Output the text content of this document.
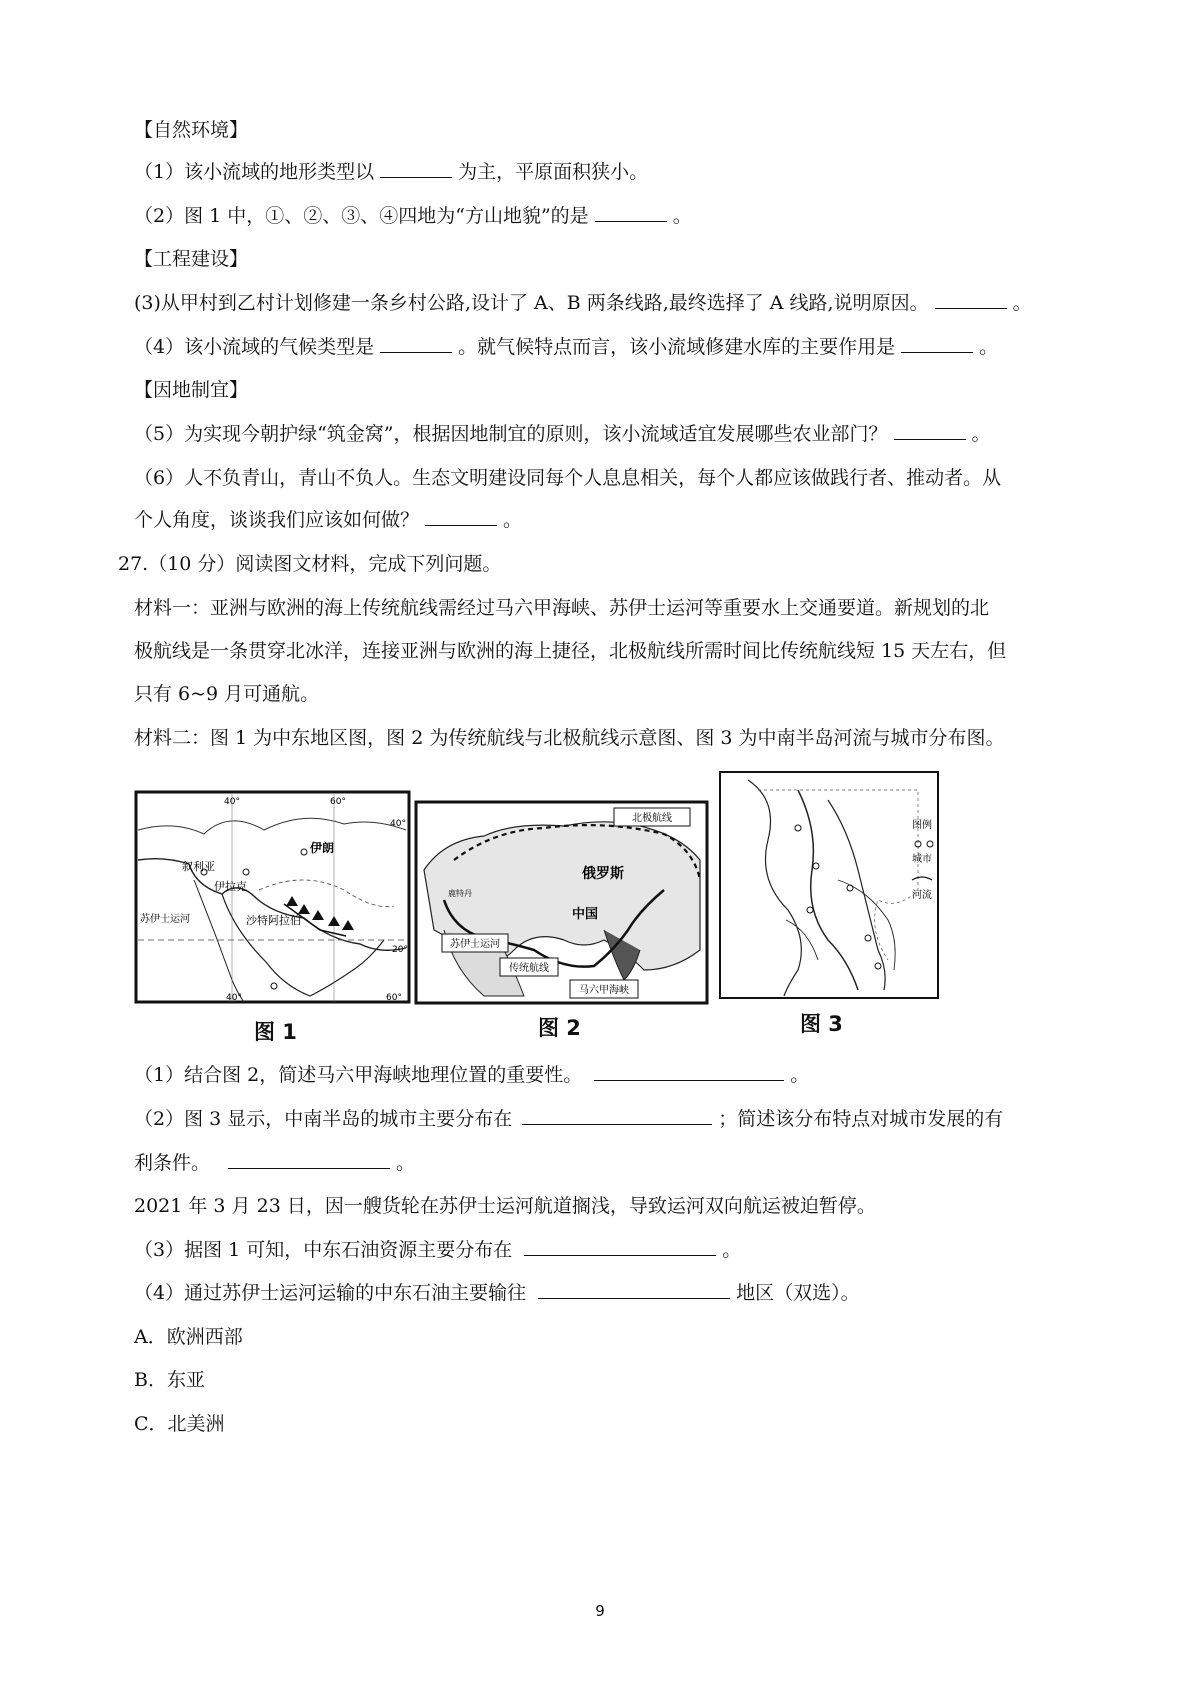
【自然环境】
（1）该小流域的地形类型以	为主，平原面积狭小。
（2）图 1 中，①、②、③、④四地为“方山地貌”的是	。
【工程建设】
(3)从甲村到乙村计划修建一条乡村公路,设计了 A、B 两条线路,最终选择了 A 线路,说明原因。	。
（4）该小流域的气候类型是	。就气候特点而言，该小流域修建水库的主要作用是	。
【因地制宜】
（5）为实现今朝护绿“筑金窝”，根据因地制宜的原则，该小流域适宜发展哪些农业部门？	。
（6）人不负青山，青山不负人。生态文明建设同每个人息息相关，每个人都应该做践行者、推动者。从
个人角度，谈谈我们应该如何做？	。
27.（10 分）阅读图文材料，完成下列问题。
材料一：亚洲与欧洲的海上传统航线需经过马六甲海峡、苏伊士运河等重要水上交通要道。新规划的北
极航线是一条贯穿北冰洋，连接亚洲与欧洲的海上捷径，北极航线所需时间比传统航线短 15 天左右，但
只有 6~9 月可通航。
材料二：图 1 为中东地区图，图 2 为传统航线与北极航线示意图、图 3 为中南半岛河流与城市分布图。
叙利亚
伊拉克
伊朗
沙特阿拉伯
苏伊士运河
40°	60°
40°
20°
40°	60°
图 1
北极航线
俄罗斯
中国
苏伊士运河
传统航线
马六甲海峡
鹿特丹
图 2
图例
城市
河流
图 3
（1）结合图 2，简述马六甲海峡地理位置的重要性。	。
（2）图 3 显示，中南半岛的城市主要分布在	；简述该分布特点对城市发展的有
利条件。	。
2021 年 3 月 23 日，因一艘货轮在苏伊士运河航道搁浅，导致运河双向航运被迫暂停。
（3）据图 1 可知，中东石油资源主要分布在	。
（4）通过苏伊士运河运输的中东石油主要输往	地区（双选）。
A．欧洲西部
B．东亚
C．北美洲
9
